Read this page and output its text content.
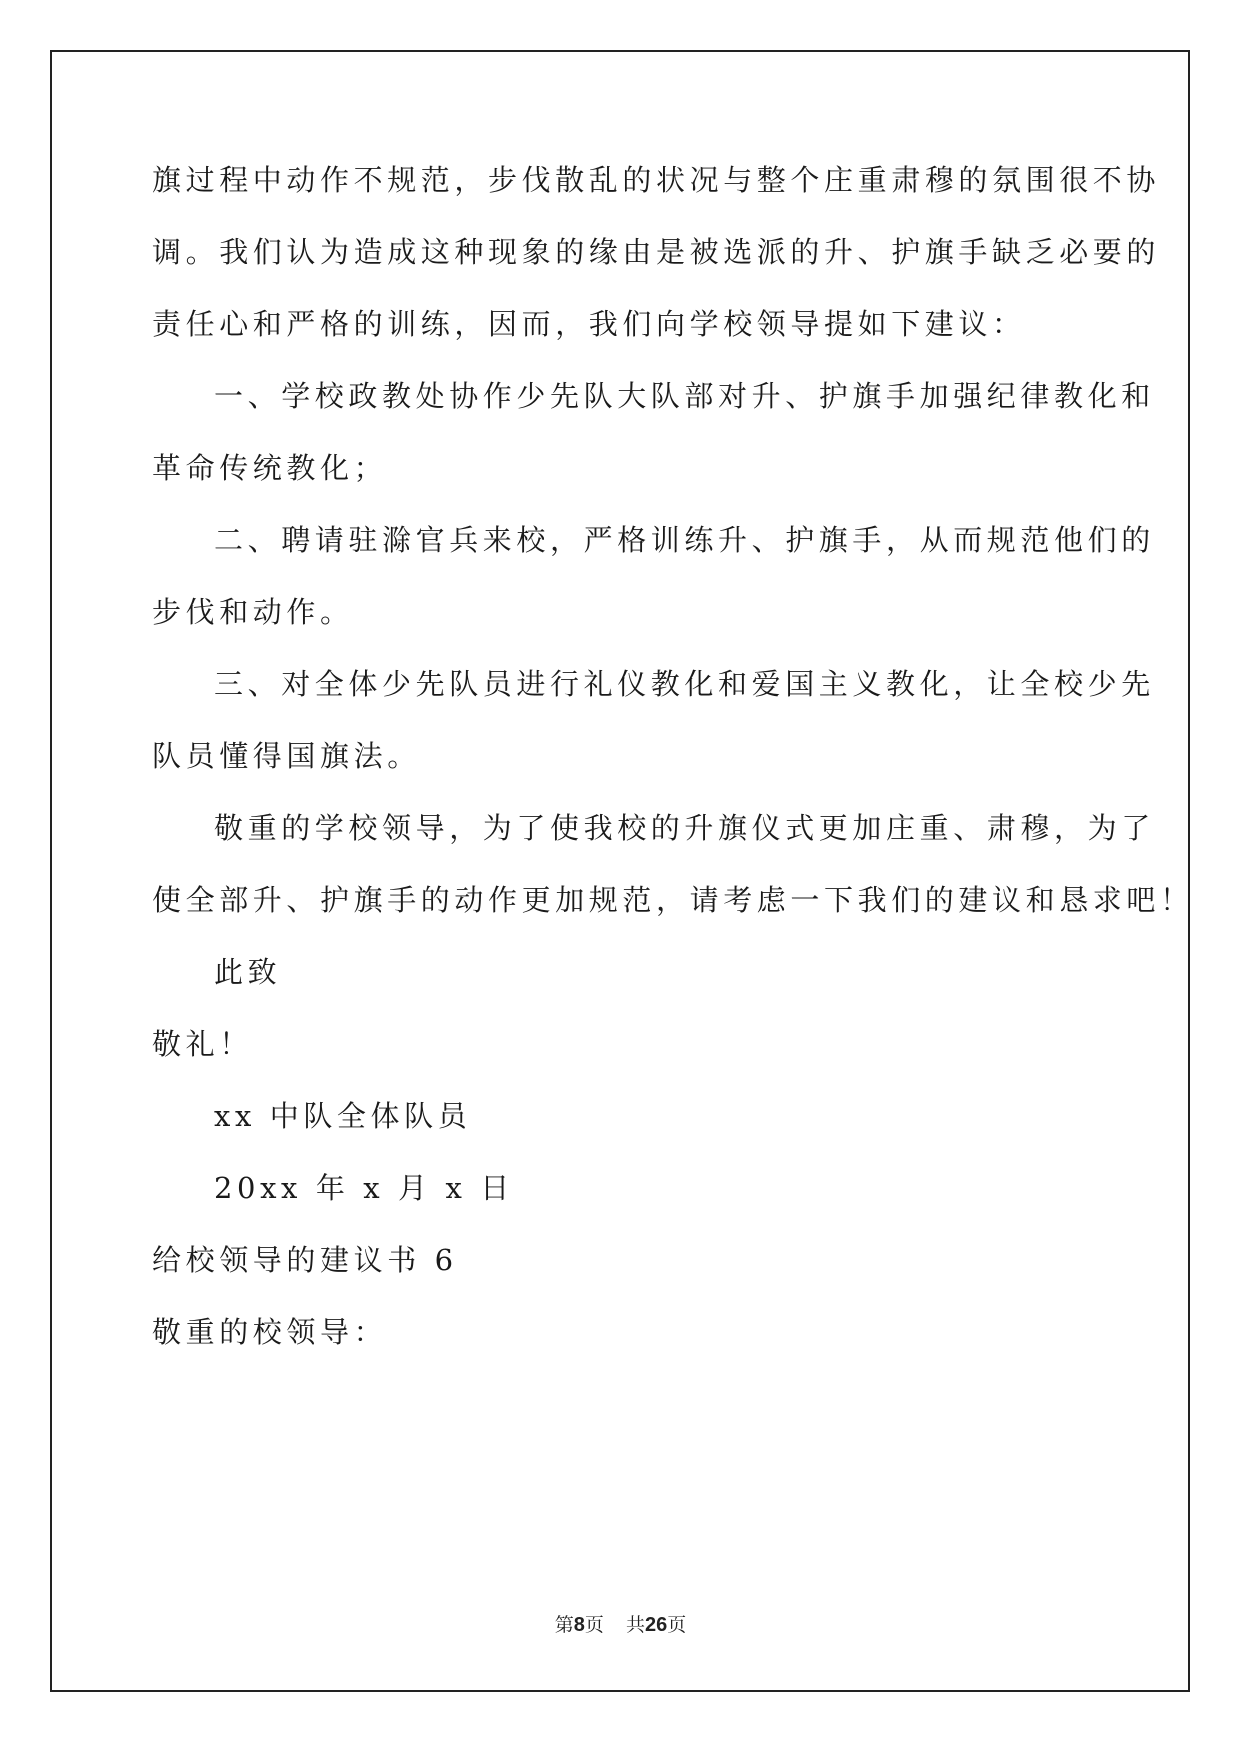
旗过程中动作不规范，步伐散乱的状况与整个庄重肃穆的氛围很不协
调。我们认为造成这种现象的缘由是被选派的升、护旗手缺乏必要的
责任心和严格的训练，因而，我们向学校领导提如下建议：
一、学校政教处协作少先队大队部对升、护旗手加强纪律教化和
革命传统教化；
二、聘请驻滁官兵来校，严格训练升、护旗手，从而规范他们的
步伐和动作。
三、对全体少先队员进行礼仪教化和爱国主义教化，让全校少先
队员懂得国旗法。
敬重的学校领导，为了使我校的升旗仪式更加庄重、肃穆，为了
使全部升、护旗手的动作更加规范，请考虑一下我们的建议和恳求吧！
此致
敬礼！
xx 中队全体队员
20xx 年 x 月 x 日
给校领导的建议书 6
敬重的校领导：
第8页 共26页
